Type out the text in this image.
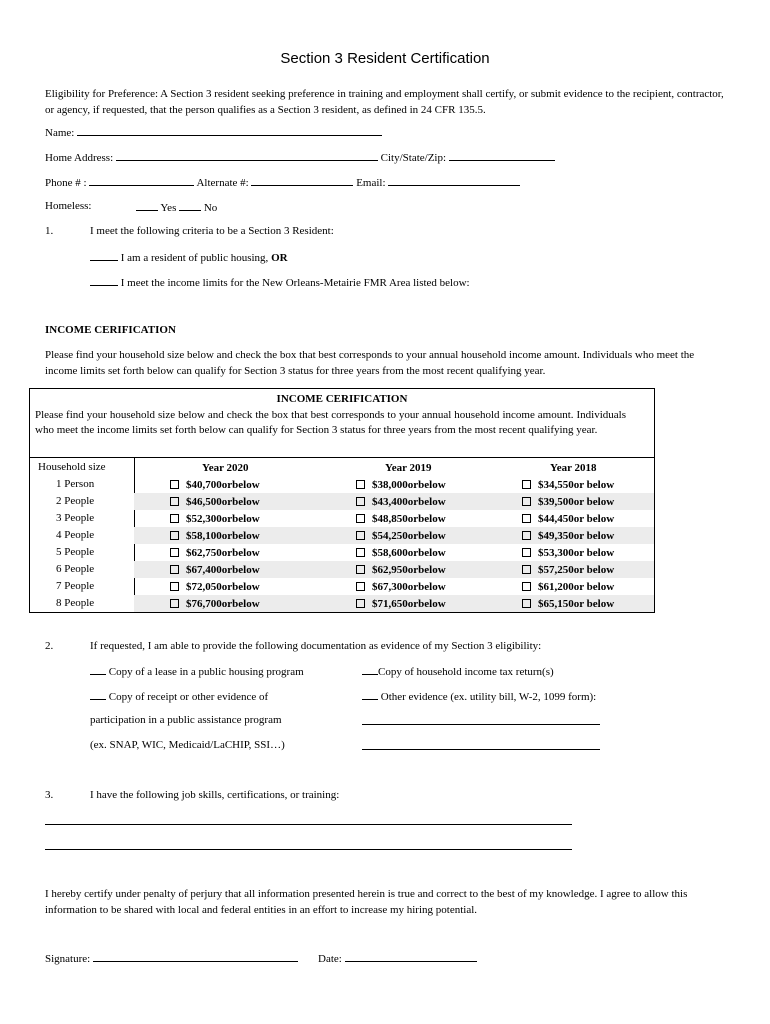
Section 3 Resident Certification
Eligibility for Preference: A Section 3 resident seeking preference in training and employment shall certify, or submit evidence to the recipient, contractor, or agency, if requested, that the person qualifies as a Section 3 resident, as defined in 24 CFR 135.5.
Name:
Home Address:	City/State/Zip:
Phone # :	Alternate #:	Email:
Homeless:	Yes	No
1.	I meet the following criteria to be a Section 3 Resident:
I am a resident of public housing, OR
I meet the income limits for the New Orleans-Metairie FMR Area listed below:
INCOME CERIFICATION
Please find your household size below and check the box that best corresponds to your annual household income amount. Individuals who meet the income limits set forth below can qualify for Section 3 status for three years from the most recent qualifying year.
INCOME CERIFICATION
Please find your household size below and check the box that best corresponds to your annual household income amount. Individuals who meet the income limits set forth below can qualify for Section 3 status for three years from the most recent qualifying year.
Household size	Year 2020	Year 2019	Year 2018
1 Person	$40,700orbelow	$38,000orbelow	$34,550or below
2 People	$46,500orbelow	$43,400orbelow	$39,500or below
3 People	$52,300orbelow	$48,850orbelow	$44,450or below
4 People	$58,100orbelow	$54,250orbelow	$49,350or below
5 People	$62,750orbelow	$58,600orbelow	$53,300or below
6 People	$67,400orbelow	$62,950orbelow	$57,250or below
7 People	$72,050orbelow	$67,300orbelow	$61,200or below
8 People	$76,700orbelow	$71,650orbelow	$65,150or below
2.	If requested, I am able to provide the following documentation as evidence of my Section 3 eligibility:
Copy of a lease in a public housing program	Copy of household income tax return(s)
Copy of receipt or other evidence of	Other evidence (ex. utility bill, W-2, 1099 form):
participation in a public assistance program
(ex. SNAP, WIC, Medicaid/LaCHIP, SSI…)
3.	I have the following job skills, certifications, or training:
I hereby certify under penalty of perjury that all information presented herein is true and correct to the best of my knowledge. I agree to allow this information to be shared with local and federal entities in an effort to increase my hiring potential.
Signature:	Date:
